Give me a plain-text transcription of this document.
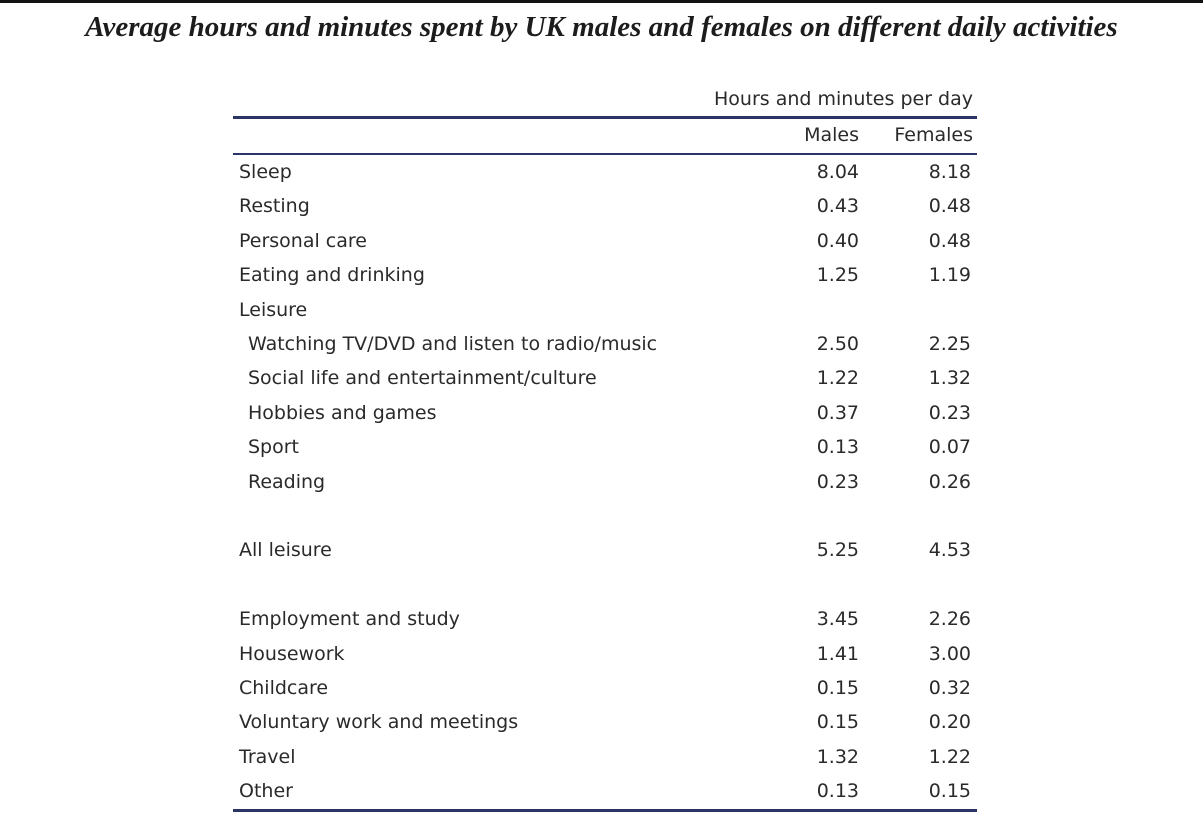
Average hours and minutes spent by UK males and females on different daily activities
Hours and minutes per day
Males Females
Sleep	8.04	8.18
Resting	0.43	0.48
Personal care	0.40	0.48
Eating and drinking	1.25	1.19
Leisure
Watching TV/DVD and listen to radio/music	2.50	2.25
Social life and entertainment/culture	1.22	1.32
Hobbies and games	0.37	0.23
Sport	0.13	0.07
Reading	0.23	0.26
All leisure	5.25	4.53
Employment and study	3.45	2.26
Housework	1.41	3.00
Childcare	0.15	0.32
Voluntary work and meetings	0.15	0.20
Travel	1.32	1.22
Other	0.13	0.15
